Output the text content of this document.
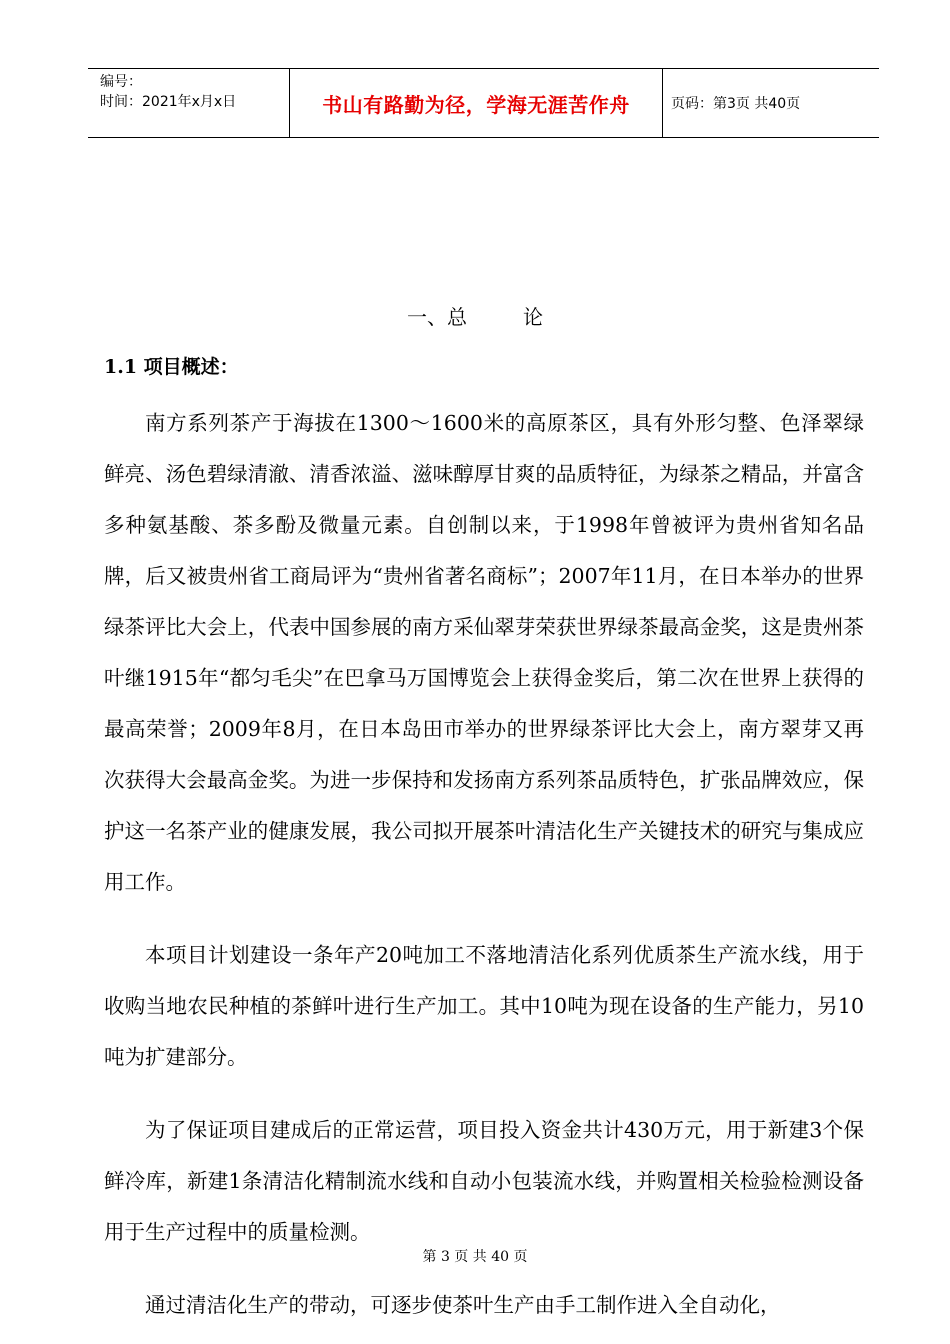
编号：
时间：2021年x月x日	书山有路勤为径，学海无涯苦作舟	页码：第3页 共40页
一、总	论
1.1 项目概述：

南方系列茶产于海拔在1300～1600米的高原茶区，具有外形匀整、色泽翠绿鲜亮、汤色碧绿清澈、清香浓溢、滋味醇厚甘爽的品质特征，为绿茶之精品，并富含多种氨基酸、茶多酚及微量元素。自创制以来，于1998年曾被评为贵州省知名品牌，后又被贵州省工商局评为“贵州省著名商标”；2007年11月，在日本举办的世界绿茶评比大会上，代表中国参展的南方采仙翠芽荣获世界绿茶最高金奖，这是贵州茶叶继1915年“都匀毛尖”在巴拿马万国博览会上获得金奖后，第二次在世界上获得的最高荣誉；2009年8月，在日本岛田市举办的世界绿茶评比大会上，南方翠芽又再次获得大会最高金奖。为进一步保持和发扬南方系列茶品质特色，扩张品牌效应，保护这一名茶产业的健康发展，我公司拟开展茶叶清洁化生产关键技术的研究与集成应用工作。

本项目计划建设一条年产20吨加工不落地清洁化系列优质茶生产流水线，用于收购当地农民种植的茶鲜叶进行生产加工。其中10吨为现在设备的生产能力，另10吨为扩建部分。

为了保证项目建成后的正常运营，项目投入资金共计430万元，用于新建3个保鲜冷库，新建1条清洁化精制流水线和自动小包装流水线，并购置相关检验检测设备用于生产过程中的质量检测。

通过清洁化生产的带动，可逐步使茶叶生产由手工制作进入全自动化，

第 3 页 共 40 页
